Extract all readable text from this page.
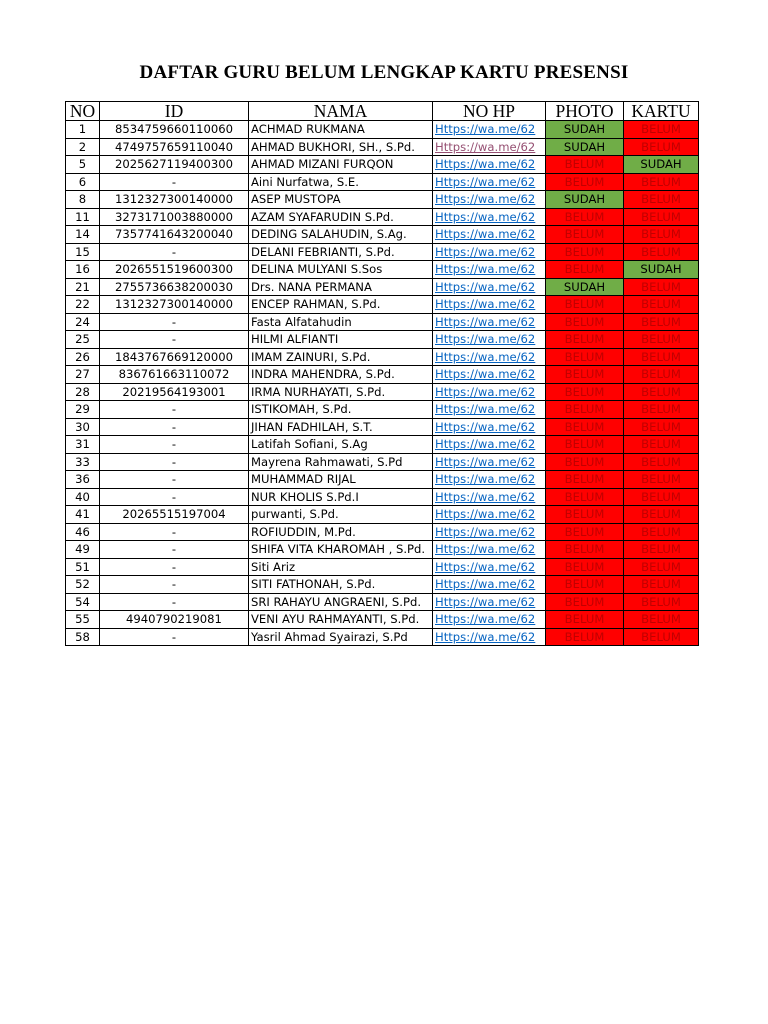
DAFTAR GURU BELUM LENGKAP KARTU PRESENSI
NO	ID	NAMA	NO HP	PHOTO	KARTU
1	8534759660110060	ACHMAD RUKMANA	Https://wa.me/62	SUDAH	BELUM
2	4749757659110040	AHMAD BUKHORI, SH., S.Pd.	Https://wa.me/62	SUDAH	BELUM
5	2025627119400300	AHMAD MIZANI FURQON	Https://wa.me/62	BELUM	SUDAH
6	-	Aini Nurfatwa, S.E.	Https://wa.me/62	BELUM	BELUM
8	1312327300140000	ASEP MUSTOPA	Https://wa.me/62	SUDAH	BELUM
11	3273171003880000	AZAM SYAFARUDIN S.Pd.	Https://wa.me/62	BELUM	BELUM
14	7357741643200040	DEDING SALAHUDIN, S.Ag.	Https://wa.me/62	BELUM	BELUM
15	-	DELANI FEBRIANTI, S.Pd.	Https://wa.me/62	BELUM	BELUM
16	2026551519600300	DELINA MULYANI S.Sos	Https://wa.me/62	BELUM	SUDAH
21	2755736638200030	Drs. NANA PERMANA	Https://wa.me/62	SUDAH	BELUM
22	1312327300140000	ENCEP RAHMAN, S.Pd.	Https://wa.me/62	BELUM	BELUM
24	-	Fasta Alfatahudin	Https://wa.me/62	BELUM	BELUM
25	-	HILMI ALFIANTI	Https://wa.me/62	BELUM	BELUM
26	1843767669120000	IMAM ZAINURI, S.Pd.	Https://wa.me/62	BELUM	BELUM
27	836761663110072	INDRA MAHENDRA, S.Pd.	Https://wa.me/62	BELUM	BELUM
28	20219564193001	IRMA NURHAYATI, S.Pd.	Https://wa.me/62	BELUM	BELUM
29	-	ISTIKOMAH, S.Pd.	Https://wa.me/62	BELUM	BELUM
30	-	JIHAN FADHILAH, S.T.	Https://wa.me/62	BELUM	BELUM
31	-	Latifah Sofiani, S.Ag	Https://wa.me/62	BELUM	BELUM
33	-	Mayrena Rahmawati, S.Pd	Https://wa.me/62	BELUM	BELUM
36	-	MUHAMMAD RIJAL	Https://wa.me/62	BELUM	BELUM
40	-	NUR KHOLIS S.Pd.I	Https://wa.me/62	BELUM	BELUM
41	20265515197004	purwanti, S.Pd.	Https://wa.me/62	BELUM	BELUM
46	-	ROFIUDDIN, M.Pd.	Https://wa.me/62	BELUM	BELUM
49	-	SHIFA VITA KHAROMAH , S.Pd.	Https://wa.me/62	BELUM	BELUM
51	-	Siti Ariz	Https://wa.me/62	BELUM	BELUM
52	-	SITI FATHONAH, S.Pd.	Https://wa.me/62	BELUM	BELUM
54	-	SRI RAHAYU ANGRAENI, S.Pd.	Https://wa.me/62	BELUM	BELUM
55	4940790219081	VENI AYU RAHMAYANTI, S.Pd.	Https://wa.me/62	BELUM	BELUM
58	-	Yasril Ahmad Syairazi, S.Pd	Https://wa.me/62	BELUM	BELUM
